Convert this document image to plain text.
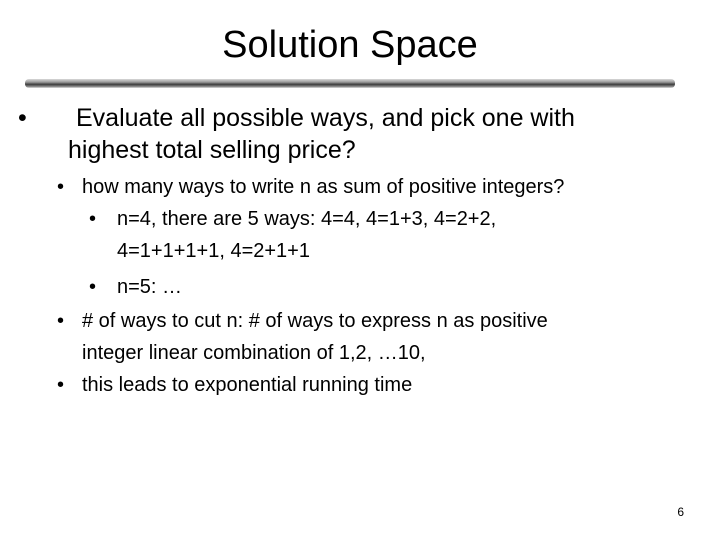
Solution Space
•	Evaluate all possible ways, and pick one with
highest total selling price?
• how many ways to write n as sum of positive integers?
•	n=4, there are 5 ways: 4=4, 4=1+3, 4=2+2,
4=1+1+1+1, 4=2+1+1
•	n=5: …
• # of ways to cut n: # of ways to express n as positive
integer linear combination of 1,2, …10,
• this leads to exponential running time
6
